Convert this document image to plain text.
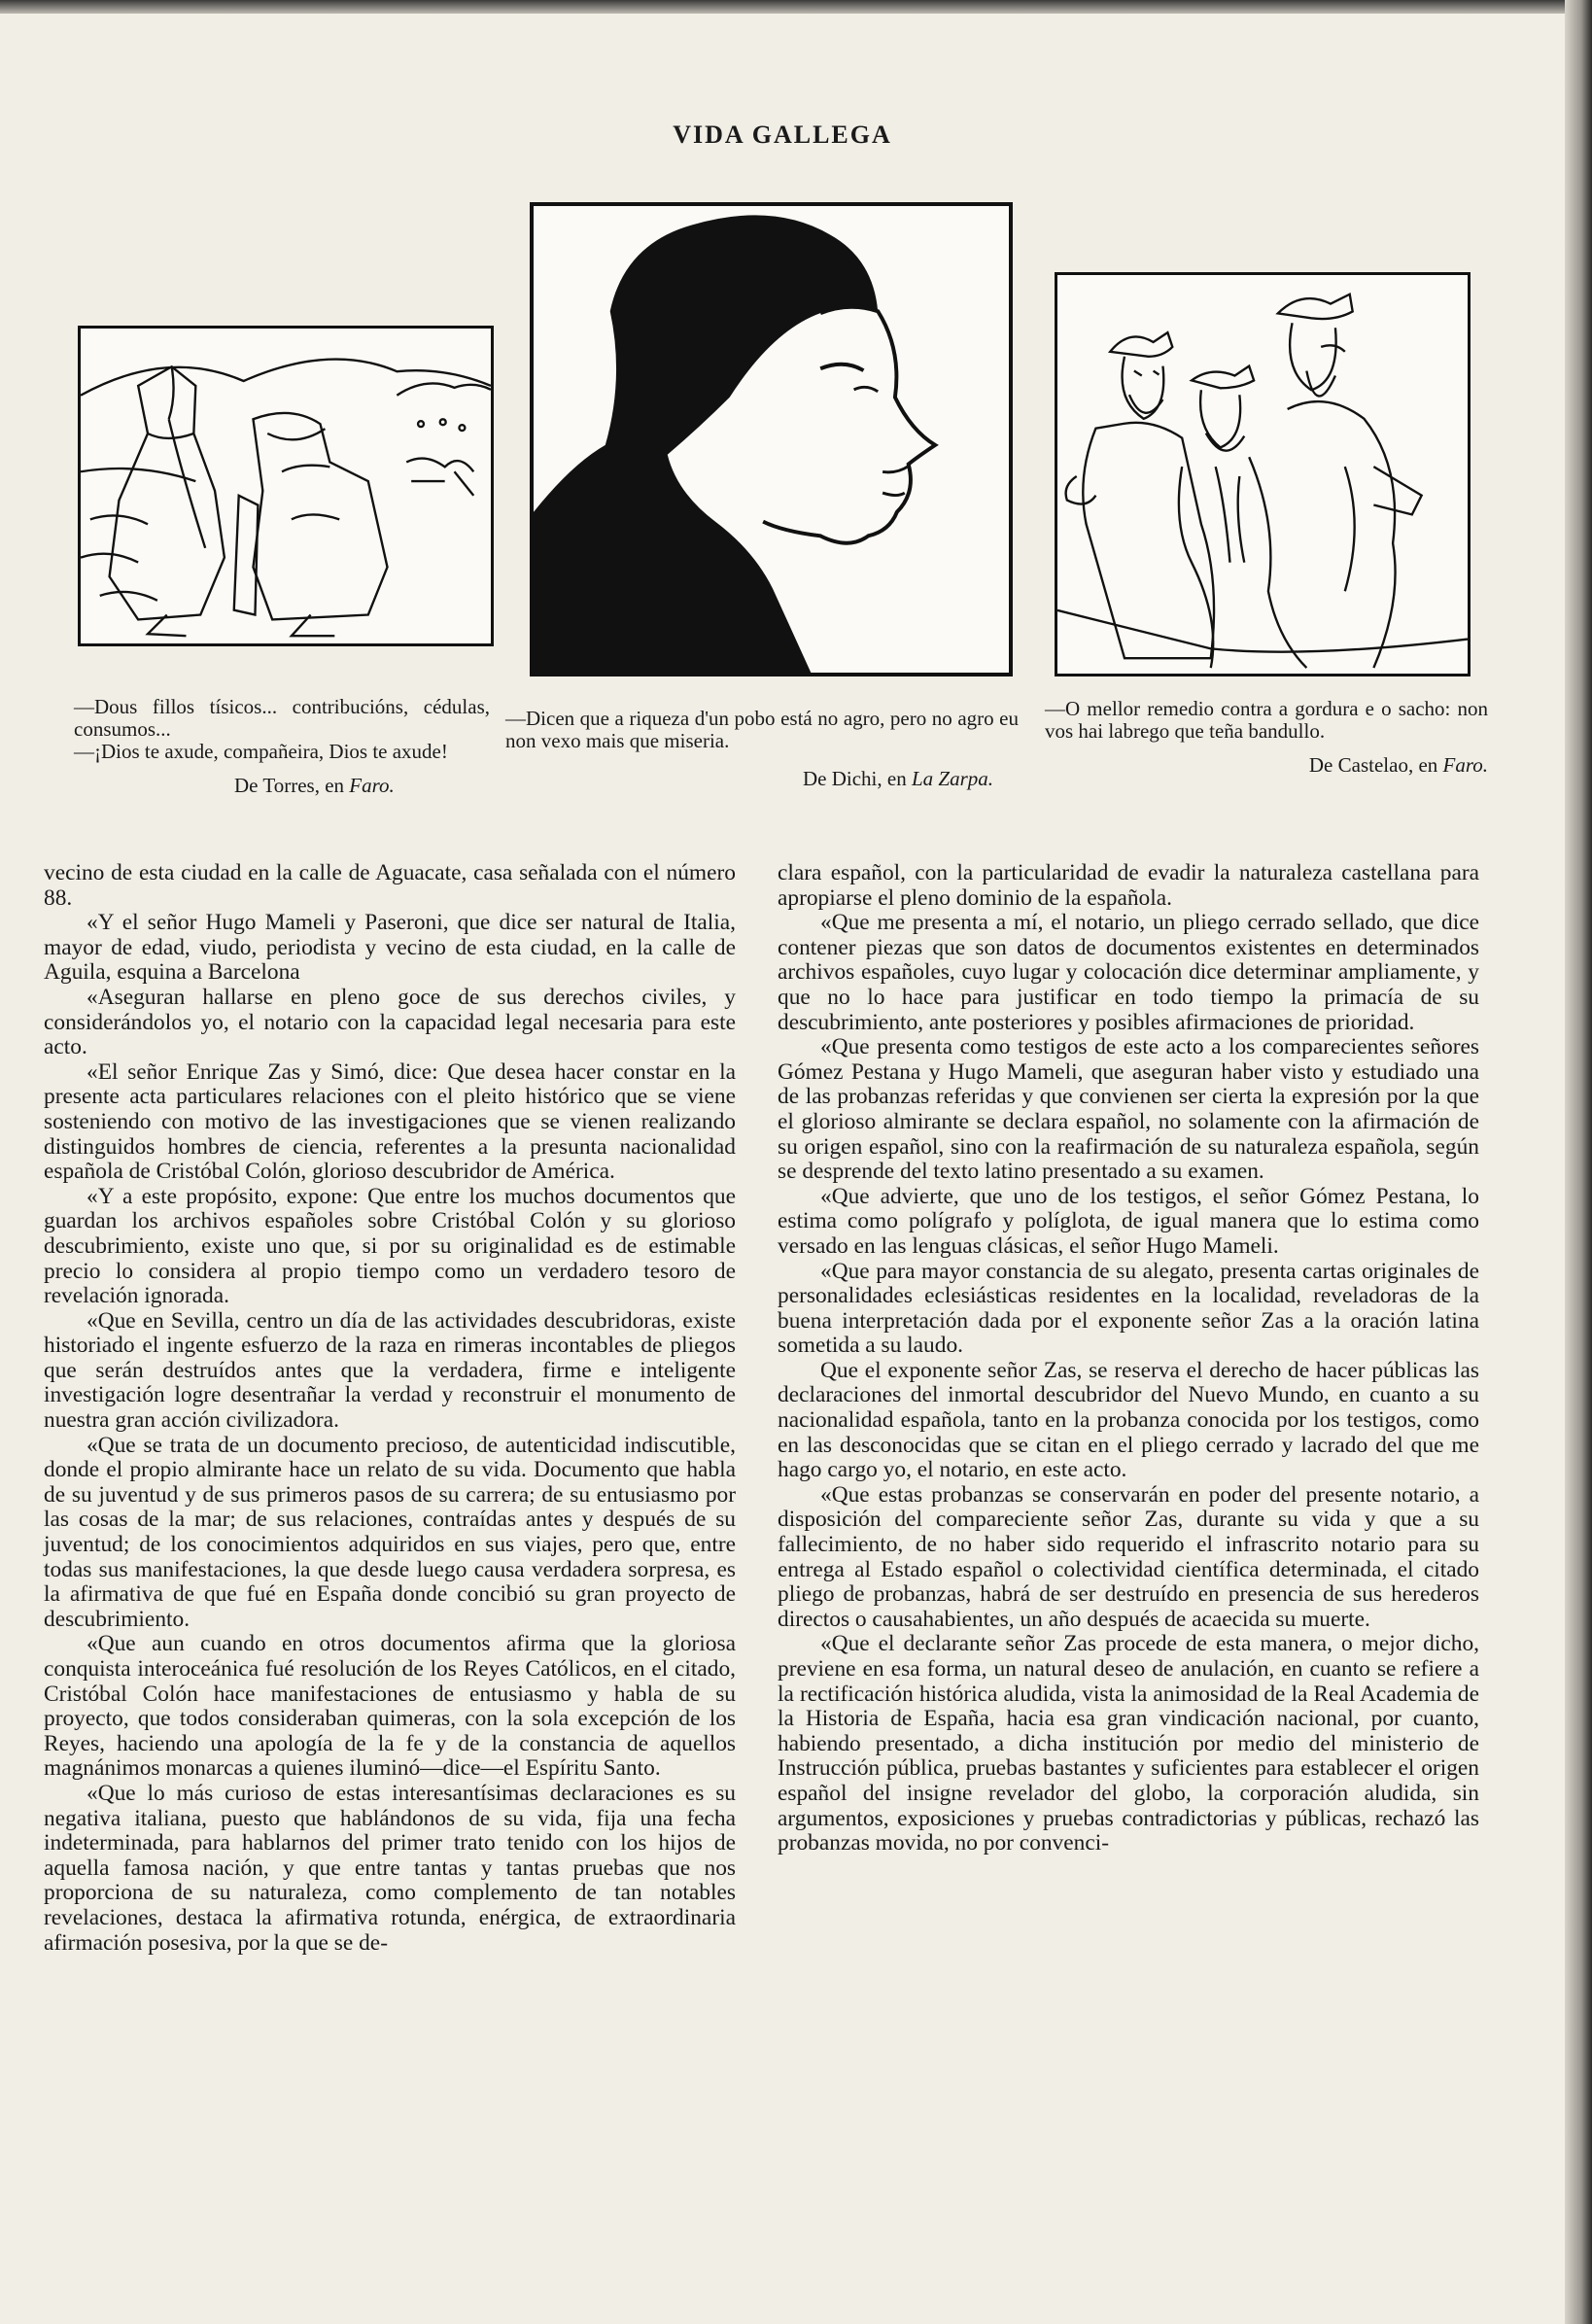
VIDA GALLEGA
—Dous fillos tísicos... contribucións, cédulas, consumos...
—¡Dios te axude, compañeira, Dios te axude!
De Torres, en Faro.
—Dicen que a riqueza d'un pobo está no agro, pero no agro eu non vexo mais que miseria.
De Dichi, en La Zarpa.
—O mellor remedio contra a gordura e o sacho: non vos hai labrego que teña bandullo.
De Castelao, en Faro.

vecino de esta ciudad en la calle de Aguacate, casa señalada con el número 88.

«Y el señor Hugo Mameli y Paseroni, que dice ser natural de Italia, mayor de edad, viudo, periodista y vecino de esta ciudad, en la calle de Aguila, esquina a Barcelona

«Aseguran hallarse en pleno goce de sus derechos civiles, y considerándolos yo, el notario con la capacidad legal necesaria para este acto.

«El señor Enrique Zas y Simó, dice: Que desea hacer constar en la presente acta particulares relaciones con el pleito histórico que se viene sosteniendo con motivo de las investigaciones que se vienen realizando distinguidos hombres de ciencia, referentes a la presunta nacionalidad española de Cristóbal Colón, glorioso descubridor de América.

«Y a este propósito, expone: Que entre los muchos documentos que guardan los archivos españoles sobre Cristóbal Colón y su glorioso descubrimiento, existe uno que, si por su originalidad es de estimable precio lo considera al propio tiempo como un verdadero tesoro de revelación ignorada.

«Que en Sevilla, centro un día de las actividades descubridoras, existe historiado el ingente esfuerzo de la raza en rimeras incontables de pliegos que serán destruídos antes que la verdadera, firme e inteligente investigación logre desentrañar la verdad y reconstruir el monumento de nuestra gran acción civilizadora.

«Que se trata de un documento precioso, de autenticidad indiscutible, donde el propio almirante hace un relato de su vida. Documento que habla de su juventud y de sus primeros pasos de su carrera; de su entusiasmo por las cosas de la mar; de sus relaciones, contraídas antes y después de su juventud; de los conocimientos adquiridos en sus viajes, pero que, entre todas sus manifestaciones, la que desde luego causa verdadera sorpresa, es la afirmativa de que fué en España donde concibió su gran proyecto de descubrimiento.

«Que aun cuando en otros documentos afirma que la gloriosa conquista interoceánica fué resolución de los Reyes Católicos, en el citado, Cristóbal Colón hace manifestaciones de entusiasmo y habla de su proyecto, que todos consideraban quimeras, con la sola excepción de los Reyes, haciendo una apología de la fe y de la constancia de aquellos magnánimos monarcas a quienes iluminó—dice—el Espíritu Santo.

«Que lo más curioso de estas interesantísimas declaraciones es su negativa italiana, puesto que hablándonos de su vida, fija una fecha indeterminada, para hablarnos del primer trato tenido con los hijos de aquella famosa nación, y que entre tantas y tantas pruebas que nos proporciona de su naturaleza, como complemento de tan notables revelaciones, destaca la afirmativa rotunda, enérgica, de extraordinaria afirmación posesiva, por la que se de-

clara español, con la particularidad de evadir la naturaleza castellana para apropiarse el pleno dominio de la española.

«Que me presenta a mí, el notario, un pliego cerrado sellado, que dice contener piezas que son datos de documentos existentes en determinados archivos españoles, cuyo lugar y colocación dice determinar ampliamente, y que no lo hace para justificar en todo tiempo la primacía de su descubrimiento, ante posteriores y posibles afirmaciones de prioridad.

«Que presenta como testigos de este acto a los comparecientes señores Gómez Pestana y Hugo Mameli, que aseguran haber visto y estudiado una de las probanzas referidas y que convienen ser cierta la expresión por la que el glorioso almirante se declara español, no solamente con la afirmación de su origen español, sino con la reafirmación de su naturaleza española, según se desprende del texto latino presentado a su examen.

«Que advierte, que uno de los testigos, el señor Gómez Pestana, lo estima como polígrafo y políglota, de igual manera que lo estima como versado en las lenguas clásicas, el señor Hugo Mameli.

«Que para mayor constancia de su alegato, presenta cartas originales de personalidades eclesiásticas residentes en la localidad, reveladoras de la buena interpretación dada por el exponente señor Zas a la oración latina sometida a su laudo.

Que el exponente señor Zas, se reserva el derecho de hacer públicas las declaraciones del inmortal descubridor del Nuevo Mundo, en cuanto a su nacionalidad española, tanto en la probanza conocida por los testigos, como en las desconocidas que se citan en el pliego cerrado y lacrado del que me hago cargo yo, el notario, en este acto.

«Que estas probanzas se conservarán en poder del presente notario, a disposición del compareciente señor Zas, durante su vida y que a su fallecimiento, de no haber sido requerido el infrascrito notario para su entrega al Estado español o colectividad científica determinada, el citado pliego de probanzas, habrá de ser destruído en presencia de sus herederos directos o causahabientes, un año después de acaecida su muerte.

«Que el declarante señor Zas procede de esta manera, o mejor dicho, previene en esa forma, un natural deseo de anulación, en cuanto se refiere a la rectificación histórica aludida, vista la animosidad de la Real Academia de la Historia de España, hacia esa gran vindicación nacional, por cuanto, habiendo presentado, a dicha institución por medio del ministerio de Instrucción pública, pruebas bastantes y suficientes para establecer el origen español del insigne revelador del globo, la corporación aludida, sin argumentos, exposiciones y pruebas contradictorias y públicas, rechazó las probanzas movida, no por convenci-
